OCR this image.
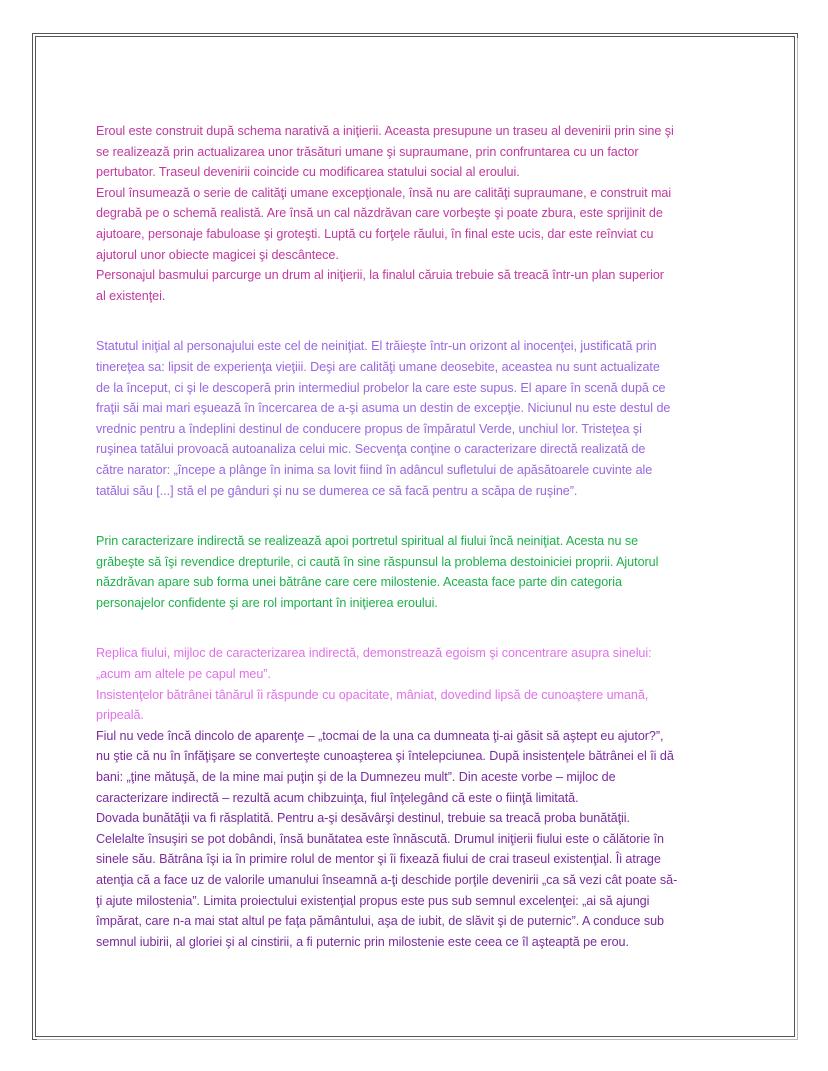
Eroul este construit după schema narativă a iniţierii. Aceasta presupune un traseu al devenirii prin sine şi
se realizează prin actualizarea unor trăsături umane şi supraumane, prin confruntarea cu un factor
pertubator. Traseul devenirii coincide cu modificarea statului social al eroului.
Eroul însumează o serie de calităţi umane excepţionale, însă nu are calităţi supraumane, e construit mai
degrabă pe o schemă realistă. Are însă un cal năzdrăvan care vorbeşte şi poate zbura, este sprijinit de
ajutoare, personaje fabuloase şi groteşti. Luptă cu forţele răului, în final este ucis, dar este reînviat cu
ajutorul unor obiecte magicei şi descântece.
Personajul basmului parcurge un drum al iniţierii, la finalul căruia trebuie să treacă într-un plan superior
al existenţei.

Statutul iniţial al personajului este cel de neiniţiat. El trăieşte într-un orizont al inocenţei, justificată prin
tinereţea sa: lipsit de experienţa vieţiii. Deşi are calităţi umane deosebite, aceastea nu sunt actualizate
de la început, ci şi le descoperă prin intermediul probelor la care este supus. El apare în scenă după ce
fraţii săi mai mari eşuează în încercarea de a-şi asuma un destin de excepţie. Niciunul nu este destul de
vrednic pentru a îndeplini destinul de conducere propus de împăratul Verde, unchiul lor. Tristeţea şi
ruşinea tatălui provoacă autoanaliza celui mic. Secvenţa conţine o caracterizare directă realizată de
către narator: „începe a plânge în inima sa lovit fiind în adâncul sufletului de apăsătoarele cuvinte ale
tatălui său [...] stă el pe gânduri şi nu se dumerea ce să facă pentru a scăpa de ruşine”.

Prin caracterizare indirectă se realizează apoi portretul spiritual al fiului încă neiniţiat. Acesta nu se
grăbeşte să îşi revendice drepturile, ci caută în sine răspunsul la problema destoiniciei proprii. Ajutorul
năzdrăvan apare sub forma unei bătrâne care cere milostenie. Aceasta face parte din categoria
personajelor confidente şi are rol important în iniţierea eroului.

Replica fiului, mijloc de caracterizarea indirectă, demonstrează egoism şi concentrare asupra sinelui:
„acum am altele pe capul meu”.
Insistenţelor bătrânei tânărul îi răspunde cu opacitate, mâniat, dovedind lipsă de cunoaştere umană,
pripeală.

Fiul nu vede încă dincolo de aparenţe – „tocmai de la una ca dumneata ţi-ai găsit să aştept eu ajutor?”,
nu ştie că nu în înfăţişare se converteşte cunoaşterea şi întelepciunea. După insistenţele bătrânei el îi dă
bani: „ţine mătuşă, de la mine mai puţin şi de la Dumnezeu mult”. Din aceste vorbe – mijloc de
caracterizare indirectă – rezultă acum chibzuinţa, fiul înţelegând că este o fiinţă limitată.
Dovada bunătăţii va fi răsplatită. Pentru a-şi desăvârşi destinul, trebuie sa treacă proba bunătăţii.
Celelalte însuşiri se pot dobândi, însă bunătatea este înnăscută. Drumul iniţierii fiului este o călătorie în
sinele său. Bătrâna îşi ia în primire rolul de mentor şi îi fixează fiului de crai traseul existenţial. Îi atrage
atenţia că a face uz de valorile umanului înseamnă a-ţi deschide porţile devenirii „ca să vezi cât poate să-
ţi ajute milostenia”. Limita proiectului existenţial propus este pus sub semnul excelenţei: „ai să ajungi
împărat, care n-a mai stat altul pe faţa pământului, aşa de iubit, de slăvit şi de puternic”. A conduce sub
semnul iubirii, al gloriei şi al cinstirii, a fi puternic prin milostenie este ceea ce îl aşteaptă pe erou.
